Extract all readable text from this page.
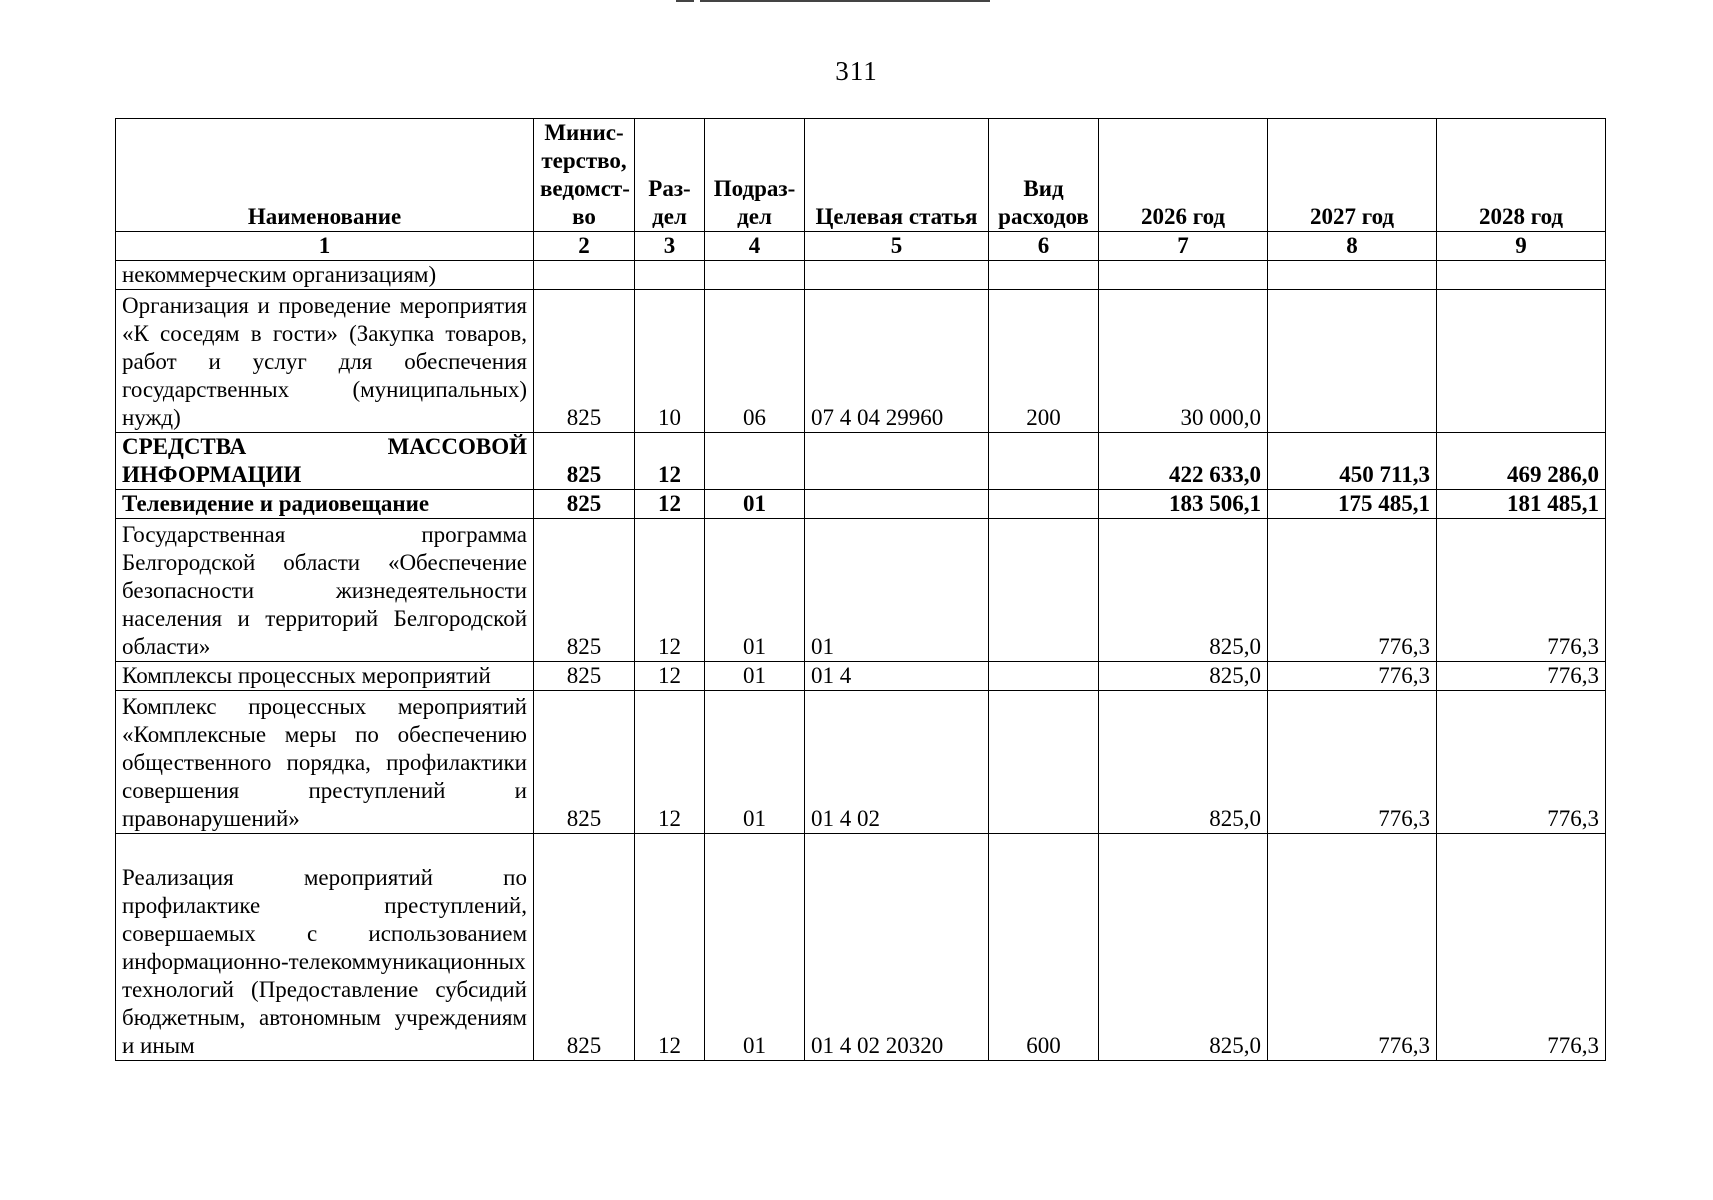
311
Наименование	Минис-терство, ведомст-во	Раз-дел	Подраз-дел	Целевая статья	Вид расходов	2026 год	2027 год	2028 год
1	2	3	4	5	6	7	8	9
некоммерческим организациям)								
Организация и проведение мероприятия «К соседям в гости» (Закупка товаров, работ и услуг для обеспечения государственных (муниципальных) нужд)	825	10	06	07 4 04 29960	200	30 000,0		
СРЕДСТВА МАССОВОЙ ИНФОРМАЦИИ	825	12				422 633,0	450 711,3	469 286,0
Телевидение и радиовещание	825	12	01			183 506,1	175 485,1	181 485,1
Государственная программа Белгородской области «Обеспечение безопасности жизнедеятельности населения и территорий Белгородской области»	825	12	01	01		825,0	776,3	776,3
Комплексы процессных мероприятий	825	12	01	01 4		825,0	776,3	776,3
Комплекс процессных мероприятий «Комплексные меры по обеспечению общественного порядка, профилактики совершения преступлений и правонарушений»	825	12	01	01 4 02		825,0	776,3	776,3
Реализация мероприятий по профилактике преступлений, совершаемых с использованием информационно-телекоммуникационных технологий (Предоставление субсидий бюджетным, автономным учреждениям и иным	825	12	01	01 4 02 20320	600	825,0	776,3	776,3
